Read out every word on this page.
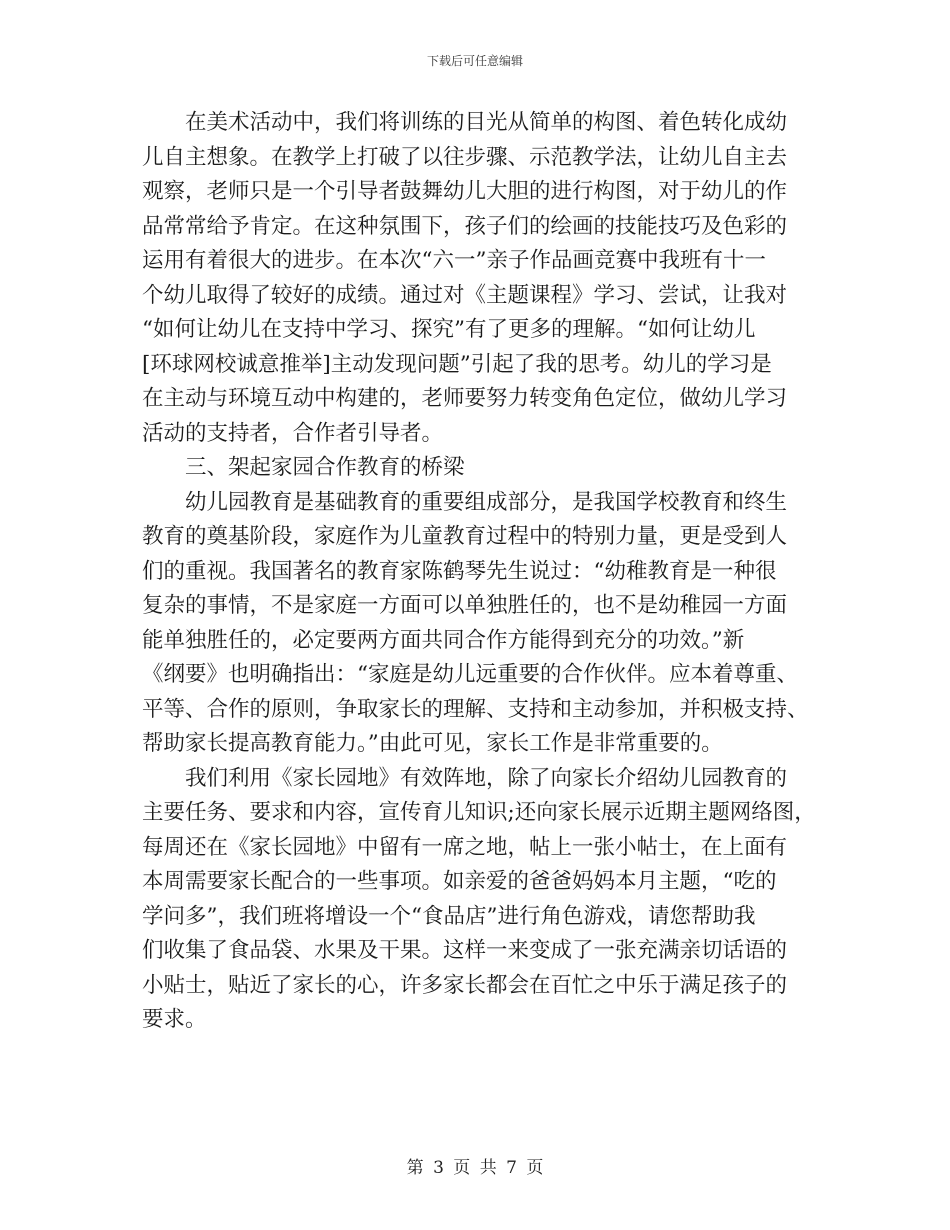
下载后可任意编辑
在美术活动中，我们将训练的目光从简单的构图、着色转化成幼
儿自主想象。在教学上打破了以往步骤、示范教学法，让幼儿自主去
观察，老师只是一个引导者鼓舞幼儿大胆的进行构图，对于幼儿的作
品常常给予肯定。在这种氛围下，孩子们的绘画的技能技巧及色彩的
运用有着很大的进步。在本次“六一”亲子作品画竞赛中我班有十一
个幼儿取得了较好的成绩。通过对《主题课程》学习、尝试，让我对
“如何让幼儿在支持中学习、探究”有了更多的理解。“如何让幼儿
[环球网校诚意推举]主动发现问题”引起了我的思考。幼儿的学习是
在主动与环境互动中构建的，老师要努力转变角色定位，做幼儿学习
活动的支持者，合作者引导者。
三、架起家园合作教育的桥梁
幼儿园教育是基础教育的重要组成部分，是我国学校教育和终生
教育的奠基阶段，家庭作为儿童教育过程中的特别力量，更是受到人
们的重视。我国著名的教育家陈鹤琴先生说过：“幼稚教育是一种很
复杂的事情，不是家庭一方面可以单独胜任的，也不是幼稚园一方面
能单独胜任的，必定要两方面共同合作方能得到充分的功效。”新
《纲要》也明确指出：“家庭是幼儿远重要的合作伙伴。应本着尊重、
平等、合作的原则，争取家长的理解、支持和主动参加，并积极支持、
帮助家长提高教育能力。”由此可见，家长工作是非常重要的。
我们利用《家长园地》有效阵地，除了向家长介绍幼儿园教育的
主要任务、要求和内容，宣传育儿知识;还向家长展示近期主题网络图，
每周还在《家长园地》中留有一席之地，帖上一张小帖士，在上面有
本周需要家长配合的一些事项。如亲爱的爸爸妈妈本月主题，“吃的
学问多”，我们班将增设一个“食品店”进行角色游戏，请您帮助我
们收集了食品袋、水果及干果。这样一来变成了一张充满亲切话语的
小贴士，贴近了家长的心，许多家长都会在百忙之中乐于满足孩子的
要求。
第 3 页 共 7 页
